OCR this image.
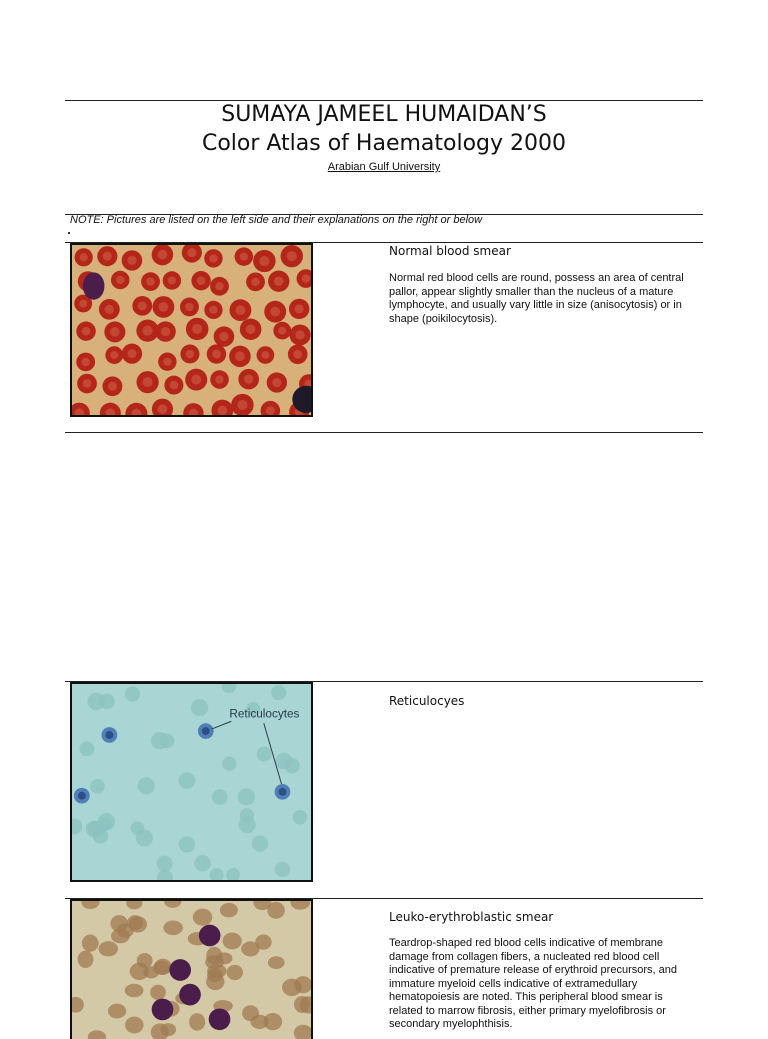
SUMAYA JAMEEL HUMAIDAN’S
Color Atlas of Haematology 2000
Arabian Gulf University
NOTE: Pictures are listed on the left side and their explanations on the right or below
Normal blood smear
Normal red blood cells are round, possess an area of central pallor, appear slightly smaller than the nucleus of a mature lymphocyte, and usually vary little in size (anisocytosis) or in shape (poikilocytosis).
Reticulocytes
Reticulocyes
Leuko-erythroblastic smear
Teardrop-shaped red blood cells indicative of membrane damage from collagen fibers, a nucleated red blood cell indicative of premature release of erythroid precursors, and immature myeloid cells indicative of extramedullary hematopoiesis are noted. This peripheral blood smear is related to marrow fibrosis, either primary myelofibrosis or secondary myelophthisis.
